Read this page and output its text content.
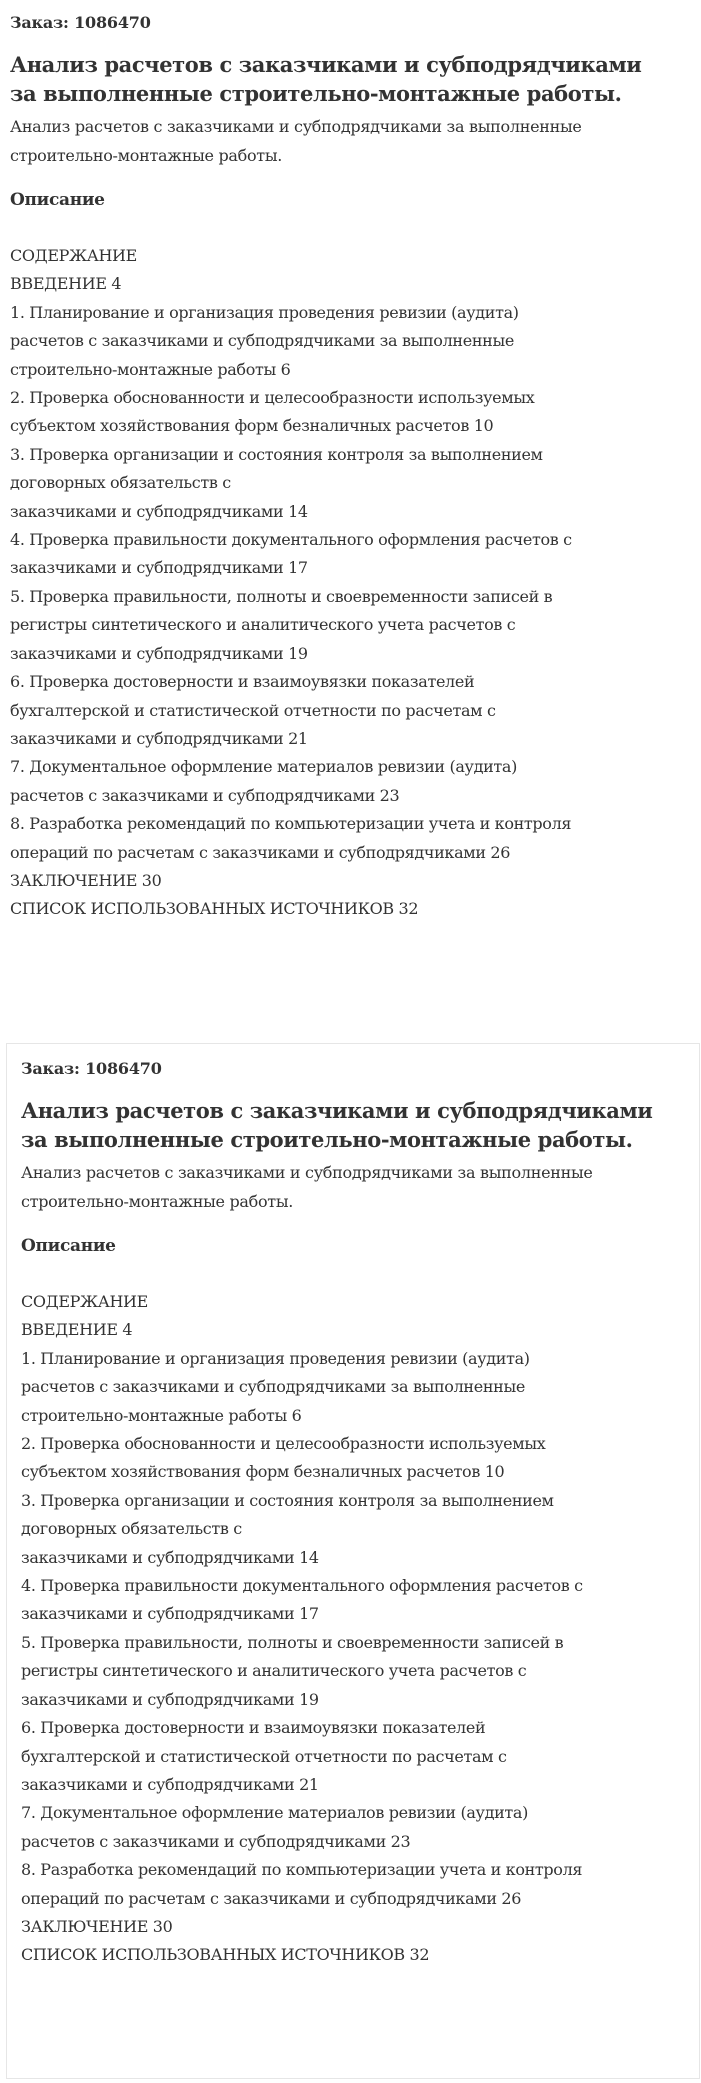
Заказ: 1086470
Анализ расчетов с заказчиками и субподрядчиками
за выполненные строительно-монтажные работы.
Анализ расчетов с заказчиками и субподрядчиками за выполненные
строительно-монтажные работы.
Описание
СОДЕРЖАНИЕ
ВВЕДЕНИЕ 4
1. Планирование и организация проведения ревизии (аудита)
расчетов с заказчиками и субподрядчиками за выполненные
строительно-монтажные работы 6
2. Проверка обоснованности и целесообразности используемых
субъектом хозяйствования форм безналичных расчетов 10
3. Проверка организации и состояния контроля за выполнением
договорных обязательств с
заказчиками и субподрядчиками 14
4. Проверка правильности документального оформления расчетов с
заказчиками и субподрядчиками 17
5. Проверка правильности, полноты и своевременности записей в
регистры синтетического и аналитического учета расчетов с
заказчиками и субподрядчиками 19
6. Проверка достоверности и взаимоувязки показателей
бухгалтерской и статистической отчетности по расчетам с
заказчиками и субподрядчиками 21
7. Документальное оформление материалов ревизии (аудита)
расчетов с заказчиками и субподрядчиками 23
8. Разработка рекомендаций по компьютеризации учета и контроля
операций по расчетам с заказчиками и субподрядчиками 26
ЗАКЛЮЧЕНИЕ 30
СПИСОК ИСПОЛЬЗОВАННЫХ ИСТОЧНИКОВ 32
Заказ: 1086470
Анализ расчетов с заказчиками и субподрядчиками
за выполненные строительно-монтажные работы.
Анализ расчетов с заказчиками и субподрядчиками за выполненные
строительно-монтажные работы.
Описание
СОДЕРЖАНИЕ
ВВЕДЕНИЕ 4
1. Планирование и организация проведения ревизии (аудита)
расчетов с заказчиками и субподрядчиками за выполненные
строительно-монтажные работы 6
2. Проверка обоснованности и целесообразности используемых
субъектом хозяйствования форм безналичных расчетов 10
3. Проверка организации и состояния контроля за выполнением
договорных обязательств с
заказчиками и субподрядчиками 14
4. Проверка правильности документального оформления расчетов с
заказчиками и субподрядчиками 17
5. Проверка правильности, полноты и своевременности записей в
регистры синтетического и аналитического учета расчетов с
заказчиками и субподрядчиками 19
6. Проверка достоверности и взаимоувязки показателей
бухгалтерской и статистической отчетности по расчетам с
заказчиками и субподрядчиками 21
7. Документальное оформление материалов ревизии (аудита)
расчетов с заказчиками и субподрядчиками 23
8. Разработка рекомендаций по компьютеризации учета и контроля
операций по расчетам с заказчиками и субподрядчиками 26
ЗАКЛЮЧЕНИЕ 30
СПИСОК ИСПОЛЬЗОВАННЫХ ИСТОЧНИКОВ 32
